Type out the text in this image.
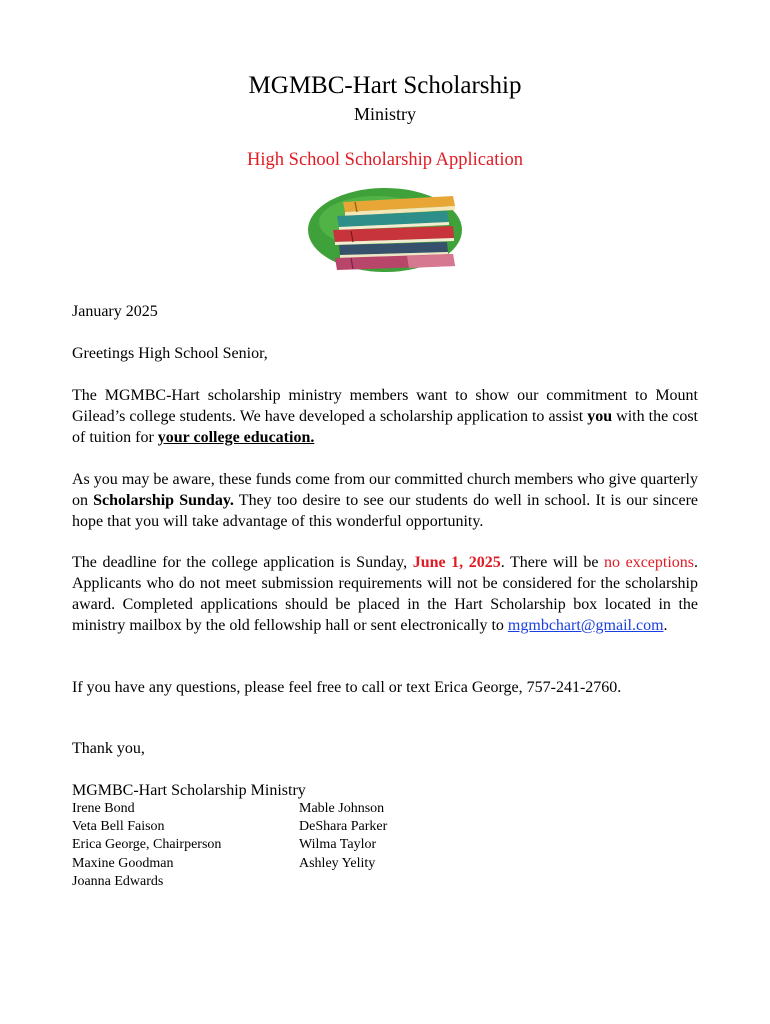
MGMBC-Hart Scholarship
Ministry
High School Scholarship Application
January 2025
Greetings High School Senior,
The MGMBC-Hart scholarship ministry members want to show our commitment to Mount Gilead’s college students. We have developed a scholarship application to assist you with the cost of tuition for your college education.
As you may be aware, these funds come from our committed church members who give quarterly on Scholarship Sunday. They too desire to see our students do well in school. It is our sincere hope that you will take advantage of this wonderful opportunity.
The deadline for the college application is Sunday, June 1, 2025. There will be no exceptions. Applicants who do not meet submission requirements will not be considered for the scholarship award. Completed applications should be placed in the Hart Scholarship box located in the ministry mailbox by the old fellowship hall or sent electronically to mgmbchart@gmail.com.
If you have any questions, please feel free to call or text Erica George, 757-241-2760.
Thank you,
MGMBC-Hart Scholarship Ministry
Irene Bond
Veta Bell Faison
Erica George, Chairperson
Maxine Goodman
Joanna Edwards
Mable Johnson
DeShara Parker
Wilma Taylor
Ashley Yelity
